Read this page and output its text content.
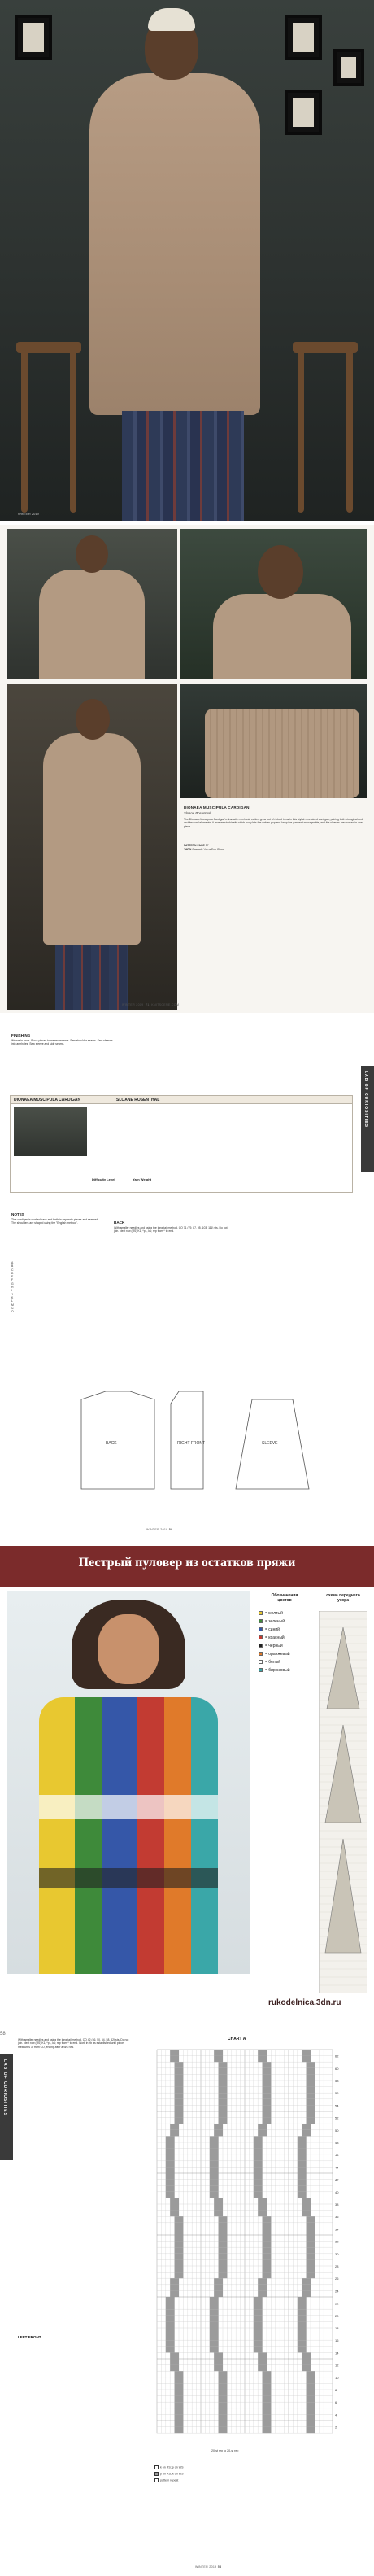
WINTER 2019
DIONAEA MUSCIPULA CARDIGAN
Sloane Rosenthal
The Dionaea Muscipula Cardigan’s dramatic mechanic cables grow out of ribbed trims in this stylish oversized cardigan, pairing both biological and architectural elements. A reverse stockinette stitch body lets the cables pop and keep the garment manageable, and the sleeves are worked in one piece.
PATTERN PAGE 57
YARN Cascade Yarns Eco Cloud
WINTER 2019 71 KNITSCENE.COM
FINISHING
Weave in ends. Block pieces to measurements. Sew shoulder seams. Sew sleeves into armholes. Sew sleeve and side seams.
DIONAEA MUSCIPULA CARDIGAN	SLOANE ROSENTHAL
Difficulty Level	Yarn Weight
LAB OF CURIOSITIES
NOTES
This cardigan is worked back and forth in separate pieces and seamed. The shoulders are shaped using the "English method".	BACK
With smaller needles and using the long-tail method, CO 71 (79, 87, 95, 103, 111) sts. Do not join. Next row (RS) K1, *p1, k1; rep from * to end.
A
B
C
D
E
F
G
H
I
J
K
L
M
N
O
BACK	RIGHT FRONT	SLEEVE
WINTER 2019 59
Пестрый пуловер из остатков пряжи
Обозначения
цветов
схема переднего
узора
= желтый
= зеленый
= синий
= красный
= черный
= оранжевый
= белый
= бирюзовый
rukodelnica.3dn.ru
58
LAB OF CURIOSITIES
With smaller needles and using the long-tail method, CO 42 (46, 50, 54, 58, 62) sts. Do not join. Next row (RS) K1, *p1, k1; rep from * to end. Work in rib as established until piece measures 3" from CO, ending after a WS row.
LEFT FRONT
CHART A
62
60
58
56
54
52
50
48
46
44
42
40
38
36
34
32
30
28
26
24
22
20
18
16
14
12
10
8
6
4
2
20-st rep to 20-st rep
k on RS; p on WS
p on RS; k on WS
pattern repeat
WINTER 2019 58
